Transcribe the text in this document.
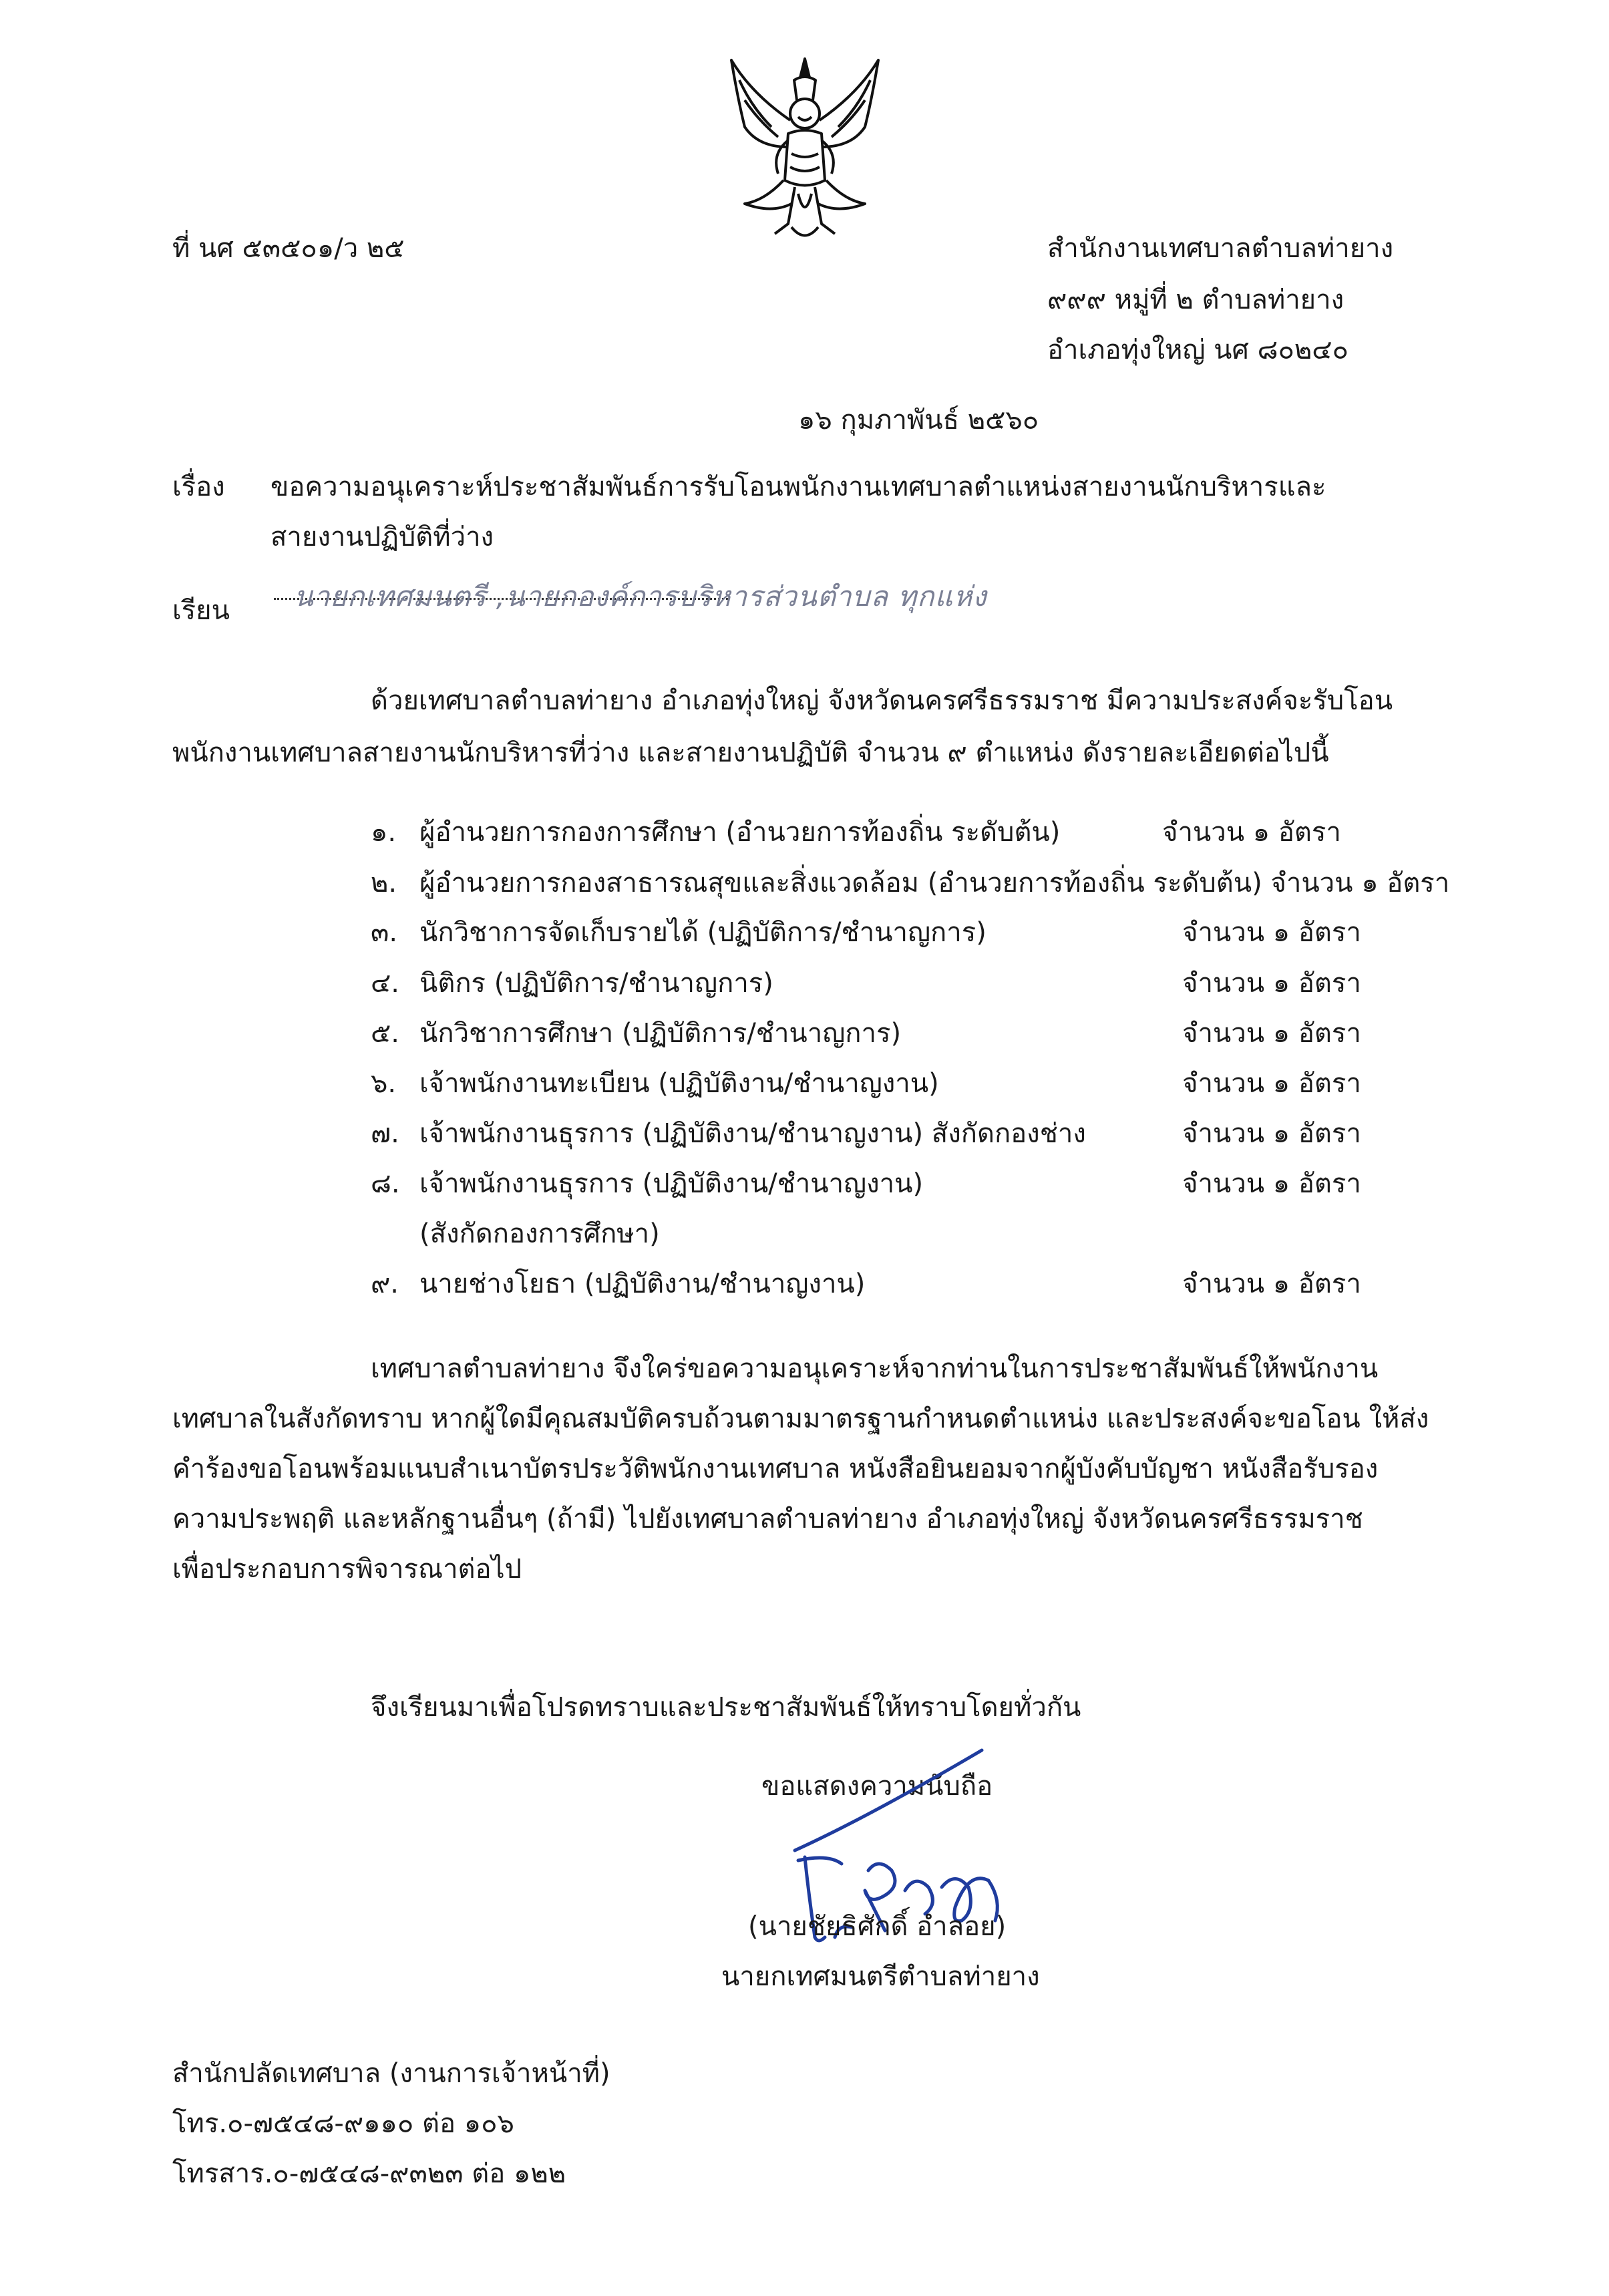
ที่ นศ ๕๓๕๐๑/ว ๒๕	สำนักงานเทศบาลตำบลท่ายาง
๙๙๙ หมู่ที่ ๒ ตำบลท่ายาง
อำเภอทุ่งใหญ่ นศ ๘๐๒๔๐
๑๖ กุมภาพันธ์ ๒๕๖๐
เรื่อง ขอความอนุเคราะห์ประชาสัมพันธ์การรับโอนพนักงานเทศบาลตำแหน่งสายงานนักบริหารและ
สายงานปฏิบัติที่ว่าง
เรียน นายกเทศมนตรี ,นายกองค์การบริหารส่วนตำบล ทุกแห่ง
ด้วยเทศบาลตำบลท่ายาง อำเภอทุ่งใหญ่ จังหวัดนครศรีธรรมราช มีความประสงค์จะรับโอน
พนักงานเทศบาลสายงานนักบริหารที่ว่าง และสายงานปฏิบัติ จำนวน ๙ ตำแหน่ง ดังรายละเอียดต่อไปนี้
๑. ผู้อำนวยการกองการศึกษา (อำนวยการท้องถิ่น ระดับต้น)	จำนวน ๑ อัตรา
๒. ผู้อำนวยการกองสาธารณสุขและสิ่งแวดล้อม (อำนวยการท้องถิ่น ระดับต้น) จำนวน ๑ อัตรา
๓. นักวิชาการจัดเก็บรายได้ (ปฏิบัติการ/ชำนาญการ)	จำนวน ๑ อัตรา
๔. นิติกร (ปฏิบัติการ/ชำนาญการ)	จำนวน ๑ อัตรา
๕. นักวิชาการศึกษา (ปฏิบัติการ/ชำนาญการ)	จำนวน ๑ อัตรา
๖. เจ้าพนักงานทะเบียน (ปฏิบัติงาน/ชำนาญงาน)	จำนวน ๑ อัตรา
๗. เจ้าพนักงานธุรการ (ปฏิบัติงาน/ชำนาญงาน) สังกัดกองช่าง	จำนวน ๑ อัตรา
๘. เจ้าพนักงานธุรการ (ปฏิบัติงาน/ชำนาญงาน)	จำนวน ๑ อัตรา
(สังกัดกองการศึกษา)
๙. นายช่างโยธา (ปฏิบัติงาน/ชำนาญงาน)	จำนวน ๑ อัตรา
เทศบาลตำบลท่ายาง จึงใคร่ขอความอนุเคราะห์จากท่านในการประชาสัมพันธ์ให้พนักงาน
เทศบาลในสังกัดทราบ หากผู้ใดมีคุณสมบัติครบถ้วนตามมาตรฐานกำหนดตำแหน่ง และประสงค์จะขอโอน ให้ส่ง
คำร้องขอโอนพร้อมแนบสำเนาบัตรประวัติพนักงานเทศบาล หนังสือยินยอมจากผู้บังคับบัญชา หนังสือรับรอง
ความประพฤติ และหลักฐานอื่นๆ (ถ้ามี) ไปยังเทศบาลตำบลท่ายาง อำเภอทุ่งใหญ่ จังหวัดนครศรีธรรมราช
เพื่อประกอบการพิจารณาต่อไป
จึงเรียนมาเพื่อโปรดทราบและประชาสัมพันธ์ให้ทราบโดยทั่วกัน
ขอแสดงความนับถือ
(นายชัยธิศักดิ์ อำลอย)
นายกเทศมนตรีตำบลท่ายาง
สำนักปลัดเทศบาล (งานการเจ้าหน้าที่)
โทร.๐-๗๕๔๘-๙๑๑๐ ต่อ ๑๐๖
โทรสาร.๐-๗๕๔๘-๙๓๒๓ ต่อ ๑๒๒
